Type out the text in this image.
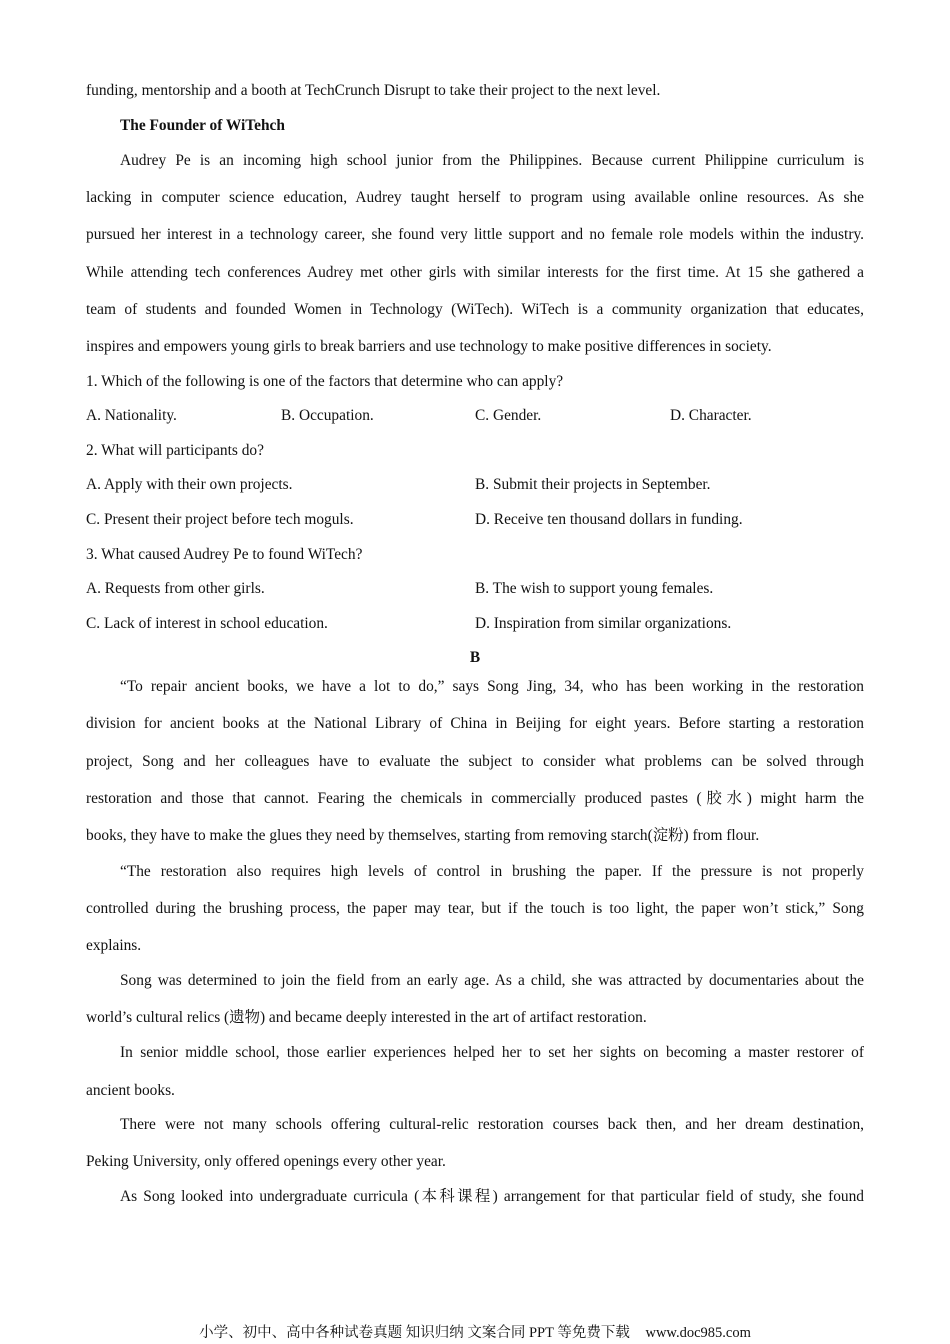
funding, mentorship and a booth at TechCrunch Disrupt to take their project to the next level.
The Founder of WiTehch
Audrey Pe is an incoming high school junior from the Philippines. Because current Philippine curriculum is
lacking in computer science education, Audrey taught herself to program using available online resources. As she
pursued her interest in a technology career, she found very little support and no female role models within the industry.
While attending tech conferences Audrey met other girls with similar interests for the first time. At 15 she gathered a
team of students and founded Women in Technology (WiTech). WiTech is a community organization that educates,
inspires and empowers young girls to break barriers and use technology to make positive differences in society.
1. Which of the following is one of the factors that determine who can apply?
A. Nationality.	B. Occupation.	C. Gender.	D. Character.
2. What will participants do?
A. Apply with their own projects.	B. Submit their projects in September.
C. Present their project before tech moguls.	D. Receive ten thousand dollars in funding.
3. What caused Audrey Pe to found WiTech?
A. Requests from other girls.	B. The wish to support young females.
C. Lack of interest in school education.	D. Inspiration from similar organizations.
B
“To repair ancient books, we have a lot to do,” says Song Jing, 34, who has been working in the restoration
division for ancient books at the National Library of China in Beijing for eight years. Before starting a restoration
project, Song and her colleagues have to evaluate the subject to consider what problems can be solved through
restoration and those that cannot. Fearing the chemicals in commercially produced pastes (胶水) might harm the
books, they have to make the glues they need by themselves, starting from removing starch(淀粉) from flour.
“The restoration also requires high levels of control in brushing the paper. If the pressure is not properly
controlled during the brushing process, the paper may tear, but if the touch is too light, the paper won’t stick,” Song
explains.
Song was determined to join the field from an early age. As a child, she was attracted by documentaries about the
world’s cultural relics (遗物) and became deeply interested in the art of artifact restoration.
In senior middle school, those earlier experiences helped her to set her sights on becoming a master restorer of
ancient books.
There were not many schools offering cultural-relic restoration courses back then, and her dream destination,
Peking University, only offered openings every other year.
As Song looked into undergraduate curricula (本科课程) arrangement for that particular field of study, she found
小学、初中、高中各种试卷真题 知识归纳 文案合同 PPT 等免费下载 www.doc985.com
